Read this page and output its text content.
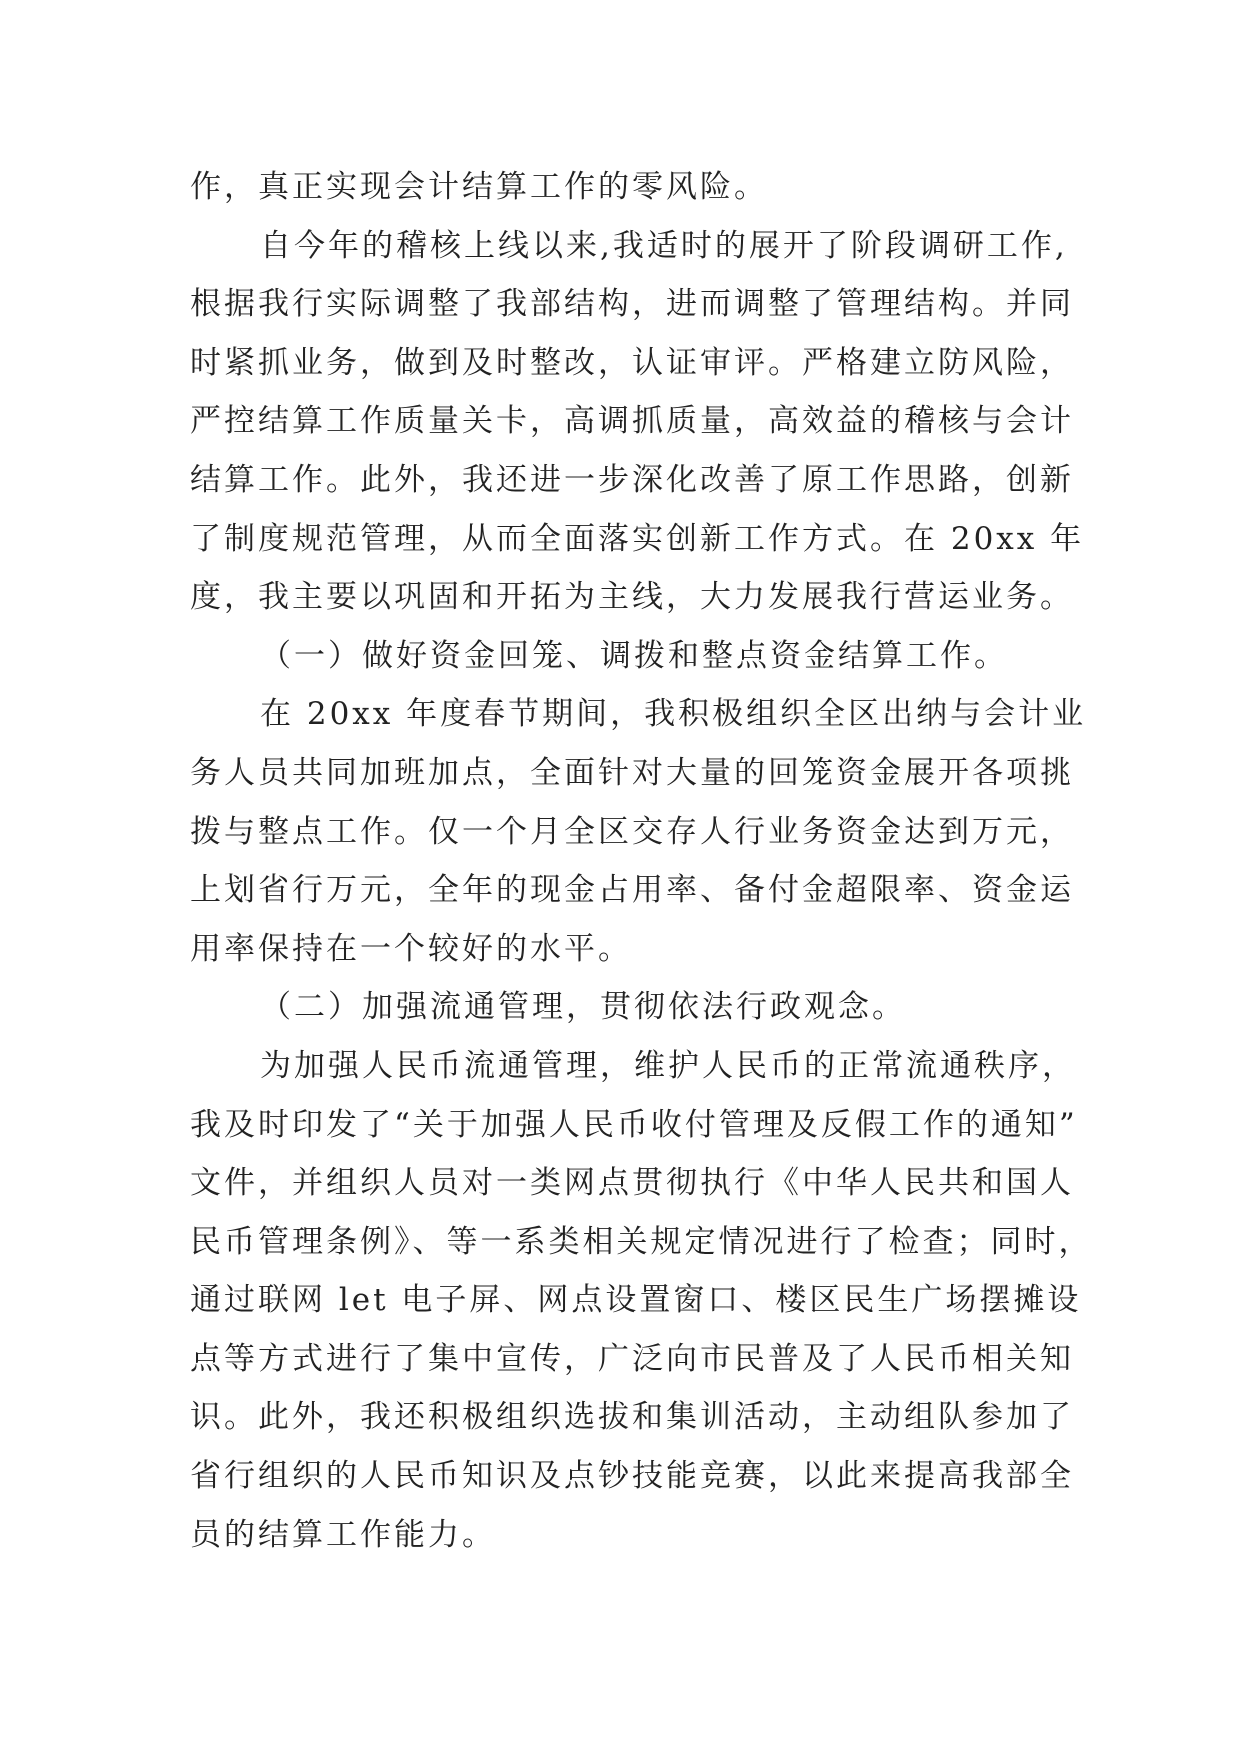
作，真正实现会计结算工作的零风险。
自今年的稽核上线以来,我适时的展开了阶段调研工作,
根据我行实际调整了我部结构，进而调整了管理结构。并同
时紧抓业务，做到及时整改，认证审评。严格建立防风险，
严控结算工作质量关卡，高调抓质量，高效益的稽核与会计
结算工作。此外，我还进一步深化改善了原工作思路，创新
了制度规范管理，从而全面落实创新工作方式。在 20xx 年
度，我主要以巩固和开拓为主线，大力发展我行营运业务。
（一）做好资金回笼、调拨和整点资金结算工作。
在 20xx 年度春节期间，我积极组织全区出纳与会计业
务人员共同加班加点，全面针对大量的回笼资金展开各项挑
拨与整点工作。仅一个月全区交存人行业务资金达到万元，
上划省行万元，全年的现金占用率、备付金超限率、资金运
用率保持在一个较好的水平。
（二）加强流通管理，贯彻依法行政观念。
为加强人民币流通管理，维护人民币的正常流通秩序，
我及时印发了“关于加强人民币收付管理及反假工作的通知”
文件，并组织人员对一类网点贯彻执行《中华人民共和国人
民币管理条例》、等一系类相关规定情况进行了检查；同时，
通过联网 let 电子屏、网点设置窗口、楼区民生广场摆摊设
点等方式进行了集中宣传，广泛向市民普及了人民币相关知
识。此外，我还积极组织选拔和集训活动，主动组队参加了
省行组织的人民币知识及点钞技能竞赛，以此来提高我部全
员的结算工作能力。
